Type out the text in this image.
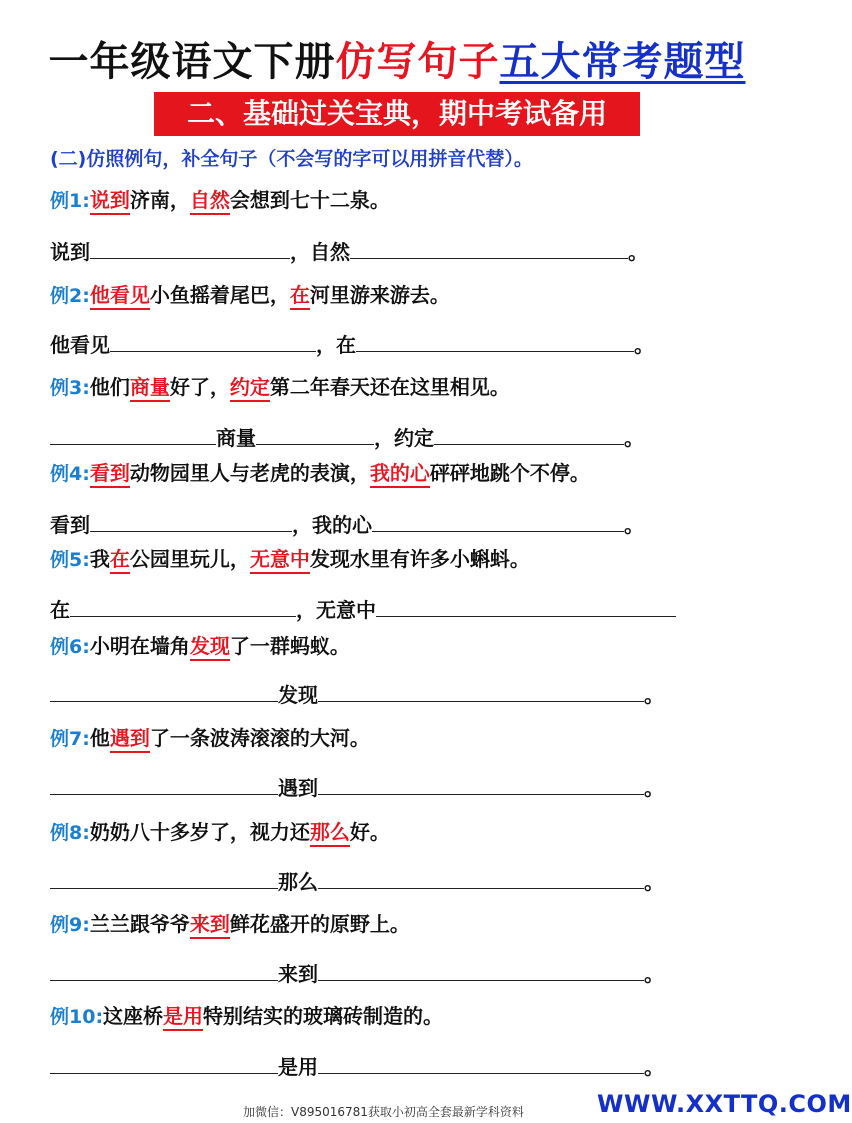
一年级语文下册仿写句子五大常考题型
二、基础过关宝典，期中考试备用
(二)仿照例句，补全句子（不会写的字可以用拼音代替）。
例1:说到济南，自然会想到七十二泉。
说到	，自然	。
例2:他看见小鱼摇着尾巴，在河里游来游去。
他看见	，在	。
例3:他们商量好了，约定第二年春天还在这里相见。
商量	，约定	。
例4:看到动物园里人与老虎的表演，我的心砰砰地跳个不停。
看到	，我的心	。
例5:我在公园里玩儿，无意中发现水里有许多小蝌蚪。
在	，无意中
例6:小明在墙角发现了一群蚂蚁。
发现	。
例7:他遇到了一条波涛滚滚的大河。
遇到	。
例8:奶奶八十多岁了，视力还那么好。
那么	。
例9:兰兰跟爷爷来到鲜花盛开的原野上。
来到	。
例10:这座桥是用特别结实的玻璃砖制造的。
是用	。
加微信：V895016781获取小初高全套最新学科资料	WWW.XXTTQ.COM
